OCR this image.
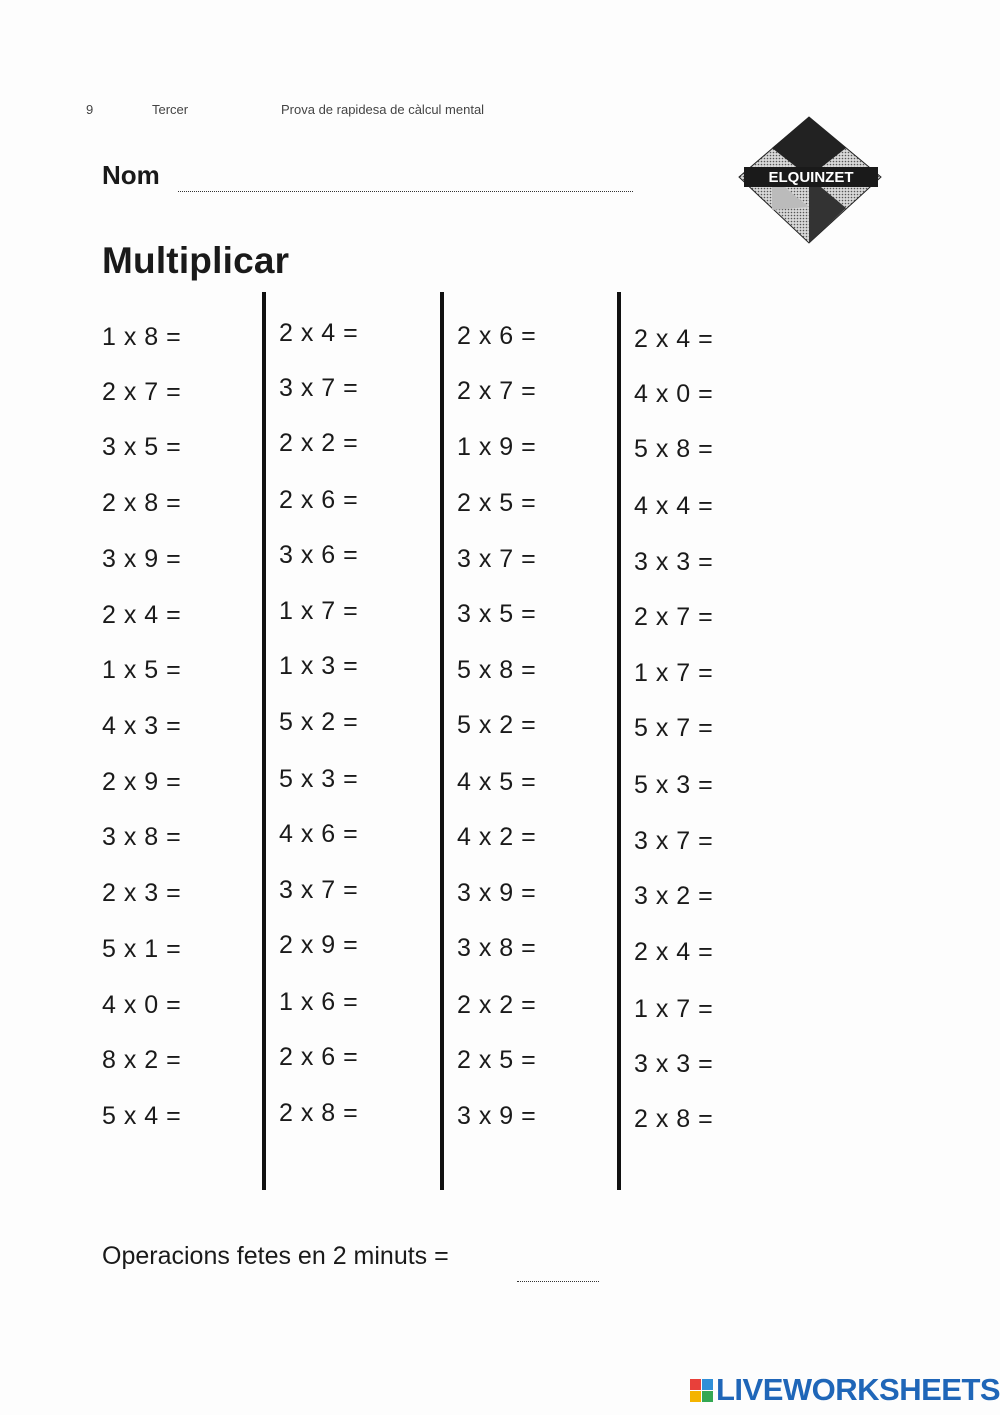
9	Tercer	Prova de rapidesa de càlcul mental
Nom	ELQUINZET
Multiplicar
1 x 8 =
2 x 7 =
3 x 5 =
2 x 8 =
3 x 9 =
2 x 4 =
1 x 5 =
4 x 3 =
2 x 9 =
3 x 8 =
2 x 3 =
5 x 1 =
4 x 0 =
8 x 2 =
5 x 4 =
2 x 4 =
3 x 7 =
2 x 2 =
2 x 6 =
3 x 6 =
1 x 7 =
1 x 3 =
5 x 2 =
5 x 3 =
4 x 6 =
3 x 7 =
2 x 9 =
1 x 6 =
2 x 6 =
2 x 8 =
2 x 6 =
2 x 7 =
1 x 9 =
2 x 5 =
3 x 7 =
3 x 5 =
5 x 8 =
5 x 2 =
4 x 5 =
4 x 2 =
3 x 9 =
3 x 8 =
2 x 2 =
2 x 5 =
3 x 9 =
2 x 4 =
4 x 0 =
5 x 8 =
4 x 4 =
3 x 3 =
2 x 7 =
1 x 7 =
5 x 7 =
5 x 3 =
3 x 7 =
3 x 2 =
2 x 4 =
1 x 7 =
3 x 3 =
2 x 8 =
Operacions fetes en 2 minuts =
LIVEWORKSHEETS
